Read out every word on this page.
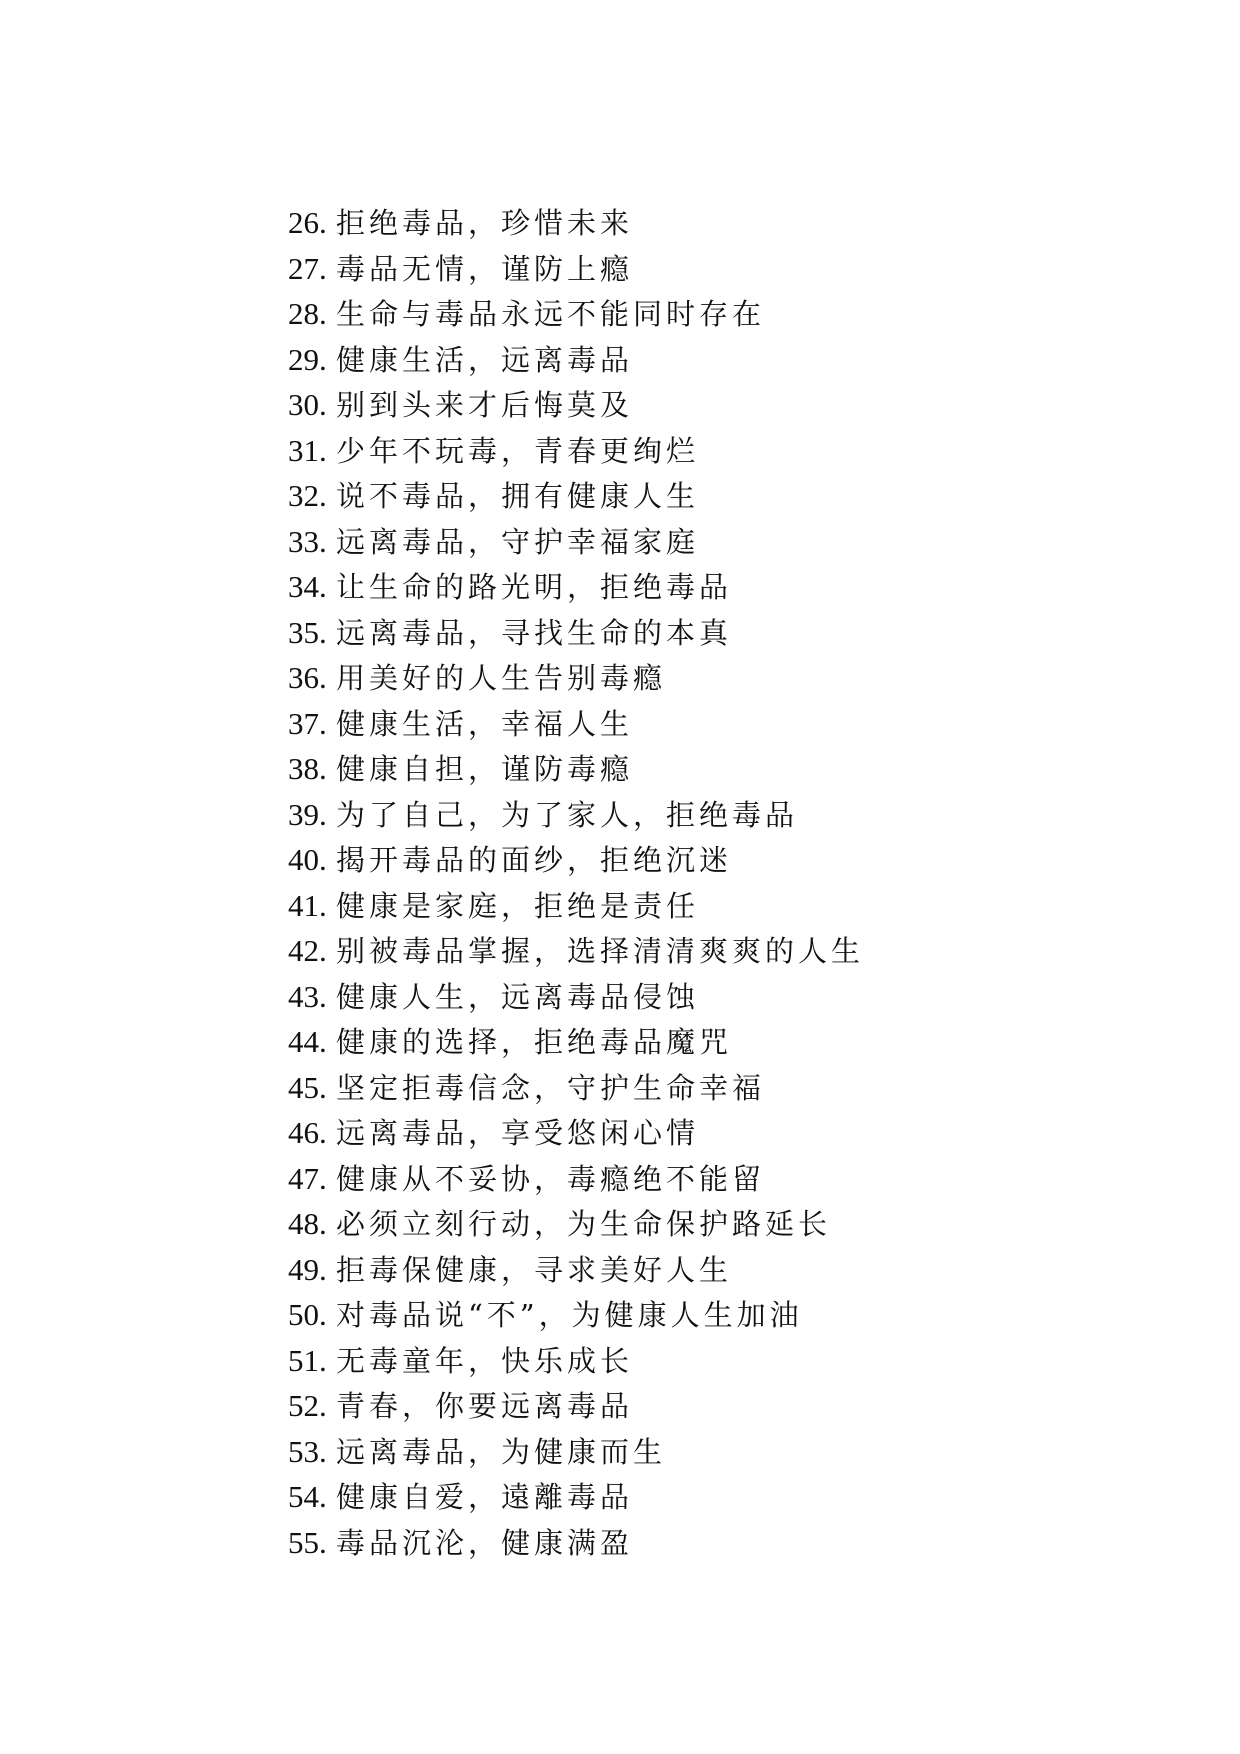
26. 拒绝毒品，珍惜未来
27. 毒品无情，谨防上瘾
28. 生命与毒品永远不能同时存在
29. 健康生活，远离毒品
30. 别到头来才后悔莫及
31. 少年不玩毒，青春更绚烂
32. 说不毒品，拥有健康人生
33. 远离毒品，守护幸福家庭
34. 让生命的路光明，拒绝毒品
35. 远离毒品，寻找生命的本真
36. 用美好的人生告别毒瘾
37. 健康生活，幸福人生
38. 健康自担，谨防毒瘾
39. 为了自己，为了家人，拒绝毒品
40. 揭开毒品的面纱，拒绝沉迷
41. 健康是家庭，拒绝是责任
42. 别被毒品掌握，选择清清爽爽的人生
43. 健康人生，远离毒品侵蚀
44. 健康的选择，拒绝毒品魔咒
45. 坚定拒毒信念，守护生命幸福
46. 远离毒品，享受悠闲心情
47. 健康从不妥协，毒瘾绝不能留
48. 必须立刻行动，为生命保护路延长
49. 拒毒保健康，寻求美好人生
50. 对毒品说“不”，为健康人生加油
51. 无毒童年，快乐成长
52. 青春，你要远离毒品
53. 远离毒品，为健康而生
54. 健康自爱，遠離毒品
55. 毒品沉沦，健康满盈
